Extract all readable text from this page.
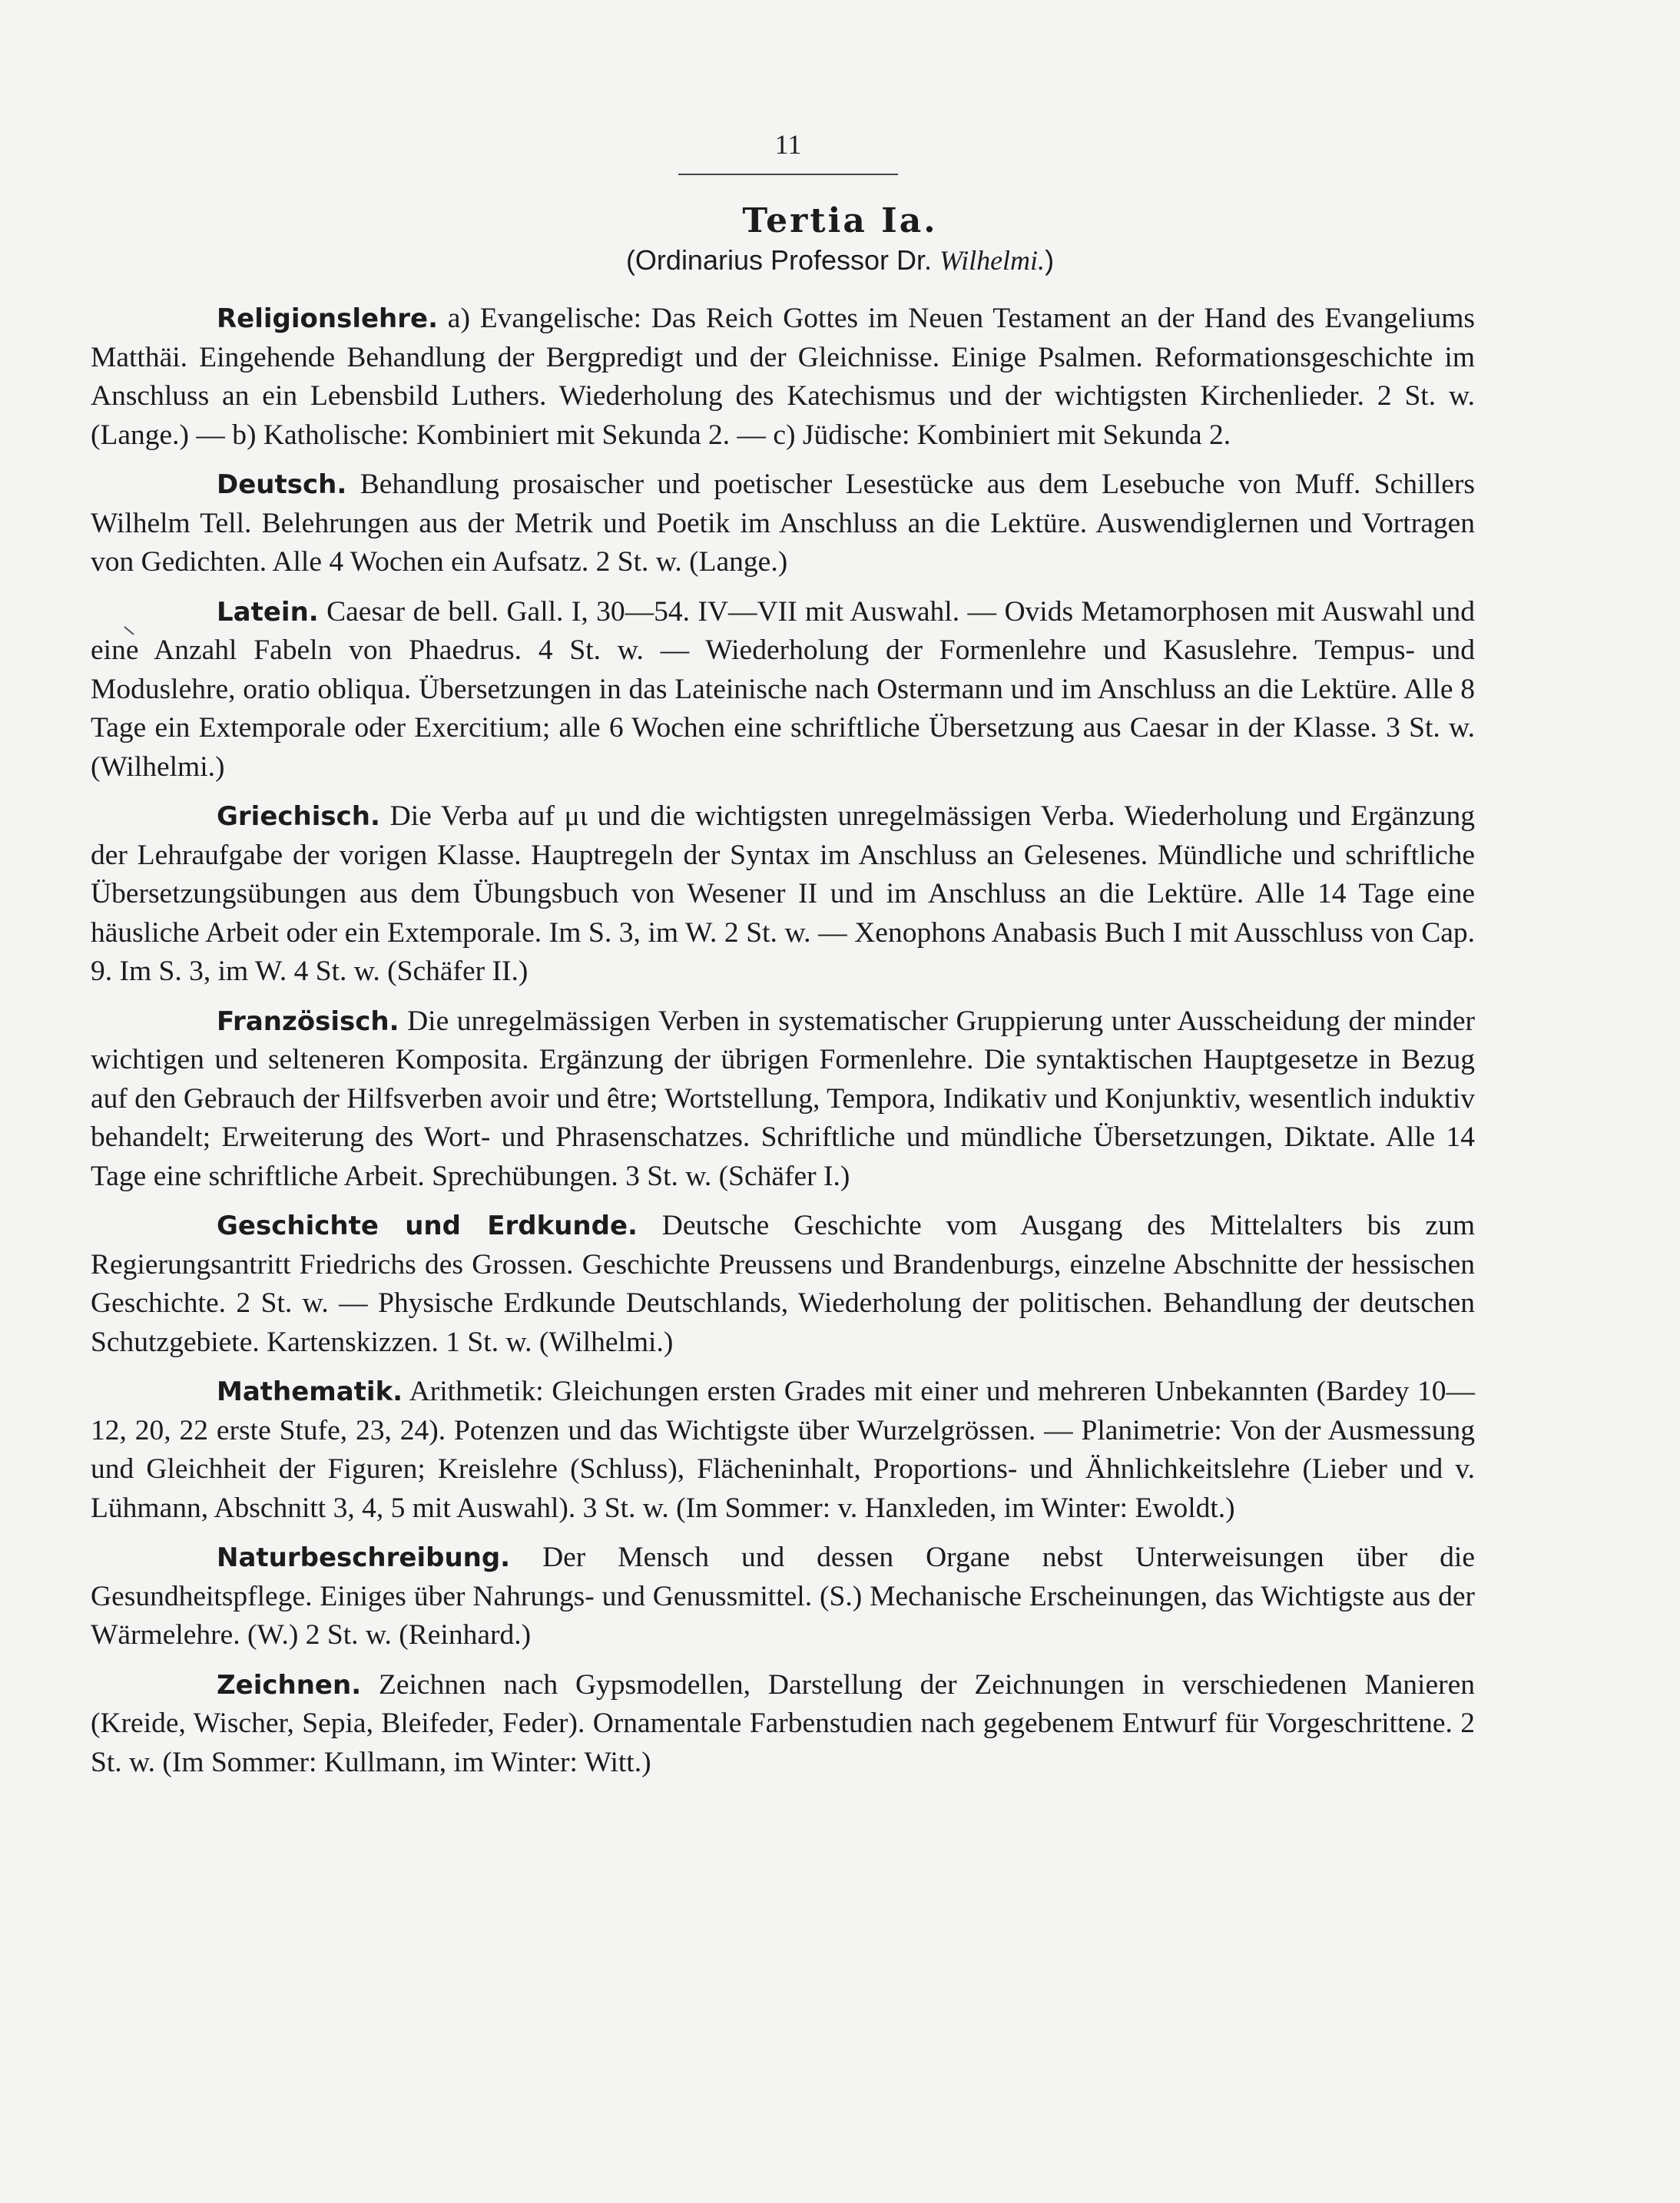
11
Tertia Ia.
(Ordinarius Professor Dr. Wilhelmi.)

Religionslehre. a) Evangelische: Das Reich Gottes im Neuen Testament an der Hand des Evangeliums Matthäi. Eingehende Behandlung der Bergpredigt und der Gleichnisse. Einige Psalmen. Reformationsgeschichte im Anschluss an ein Lebensbild Luthers. Wiederholung des Katechismus und der wichtigsten Kirchenlieder. 2 St. w. (Lange.) — b) Katholische: Kombiniert mit Sekunda 2. — c) Jüdische: Kombiniert mit Sekunda 2.

Deutsch. Behandlung prosaischer und poetischer Lesestücke aus dem Lesebuche von Muff. Schillers Wilhelm Tell. Belehrungen aus der Metrik und Poetik im Anschluss an die Lektüre. Auswendiglernen und Vortragen von Gedichten. Alle 4 Wochen ein Aufsatz. 2 St. w. (Lange.)

Latein. Caesar de bell. Gall. I, 30—54. IV—VII mit Auswahl. — Ovids Metamorphosen mit Auswahl und eine Anzahl Fabeln von Phaedrus. 4 St. w. — Wiederholung der Formenlehre und Kasuslehre. Tempus- und Moduslehre, oratio obliqua. Übersetzungen in das Lateinische nach Ostermann und im Anschluss an die Lektüre. Alle 8 Tage ein Extemporale oder Exercitium; alle 6 Wochen eine schriftliche Übersetzung aus Caesar in der Klasse. 3 St. w. (Wilhelmi.)

Griechisch. Die Verba auf μι und die wichtigsten unregelmässigen Verba. Wiederholung und Ergänzung der Lehraufgabe der vorigen Klasse. Hauptregeln der Syntax im Anschluss an Gelesenes. Mündliche und schriftliche Übersetzungsübungen aus dem Übungsbuch von Wesener II und im Anschluss an die Lektüre. Alle 14 Tage eine häusliche Arbeit oder ein Extemporale. Im S. 3, im W. 2 St. w. — Xenophons Anabasis Buch I mit Ausschluss von Cap. 9. Im S. 3, im W. 4 St. w. (Schäfer II.)

Französisch. Die unregelmässigen Verben in systematischer Gruppierung unter Ausscheidung der minder wichtigen und selteneren Komposita. Ergänzung der übrigen Formenlehre. Die syntaktischen Hauptgesetze in Bezug auf den Gebrauch der Hilfsverben avoir und être; Wortstellung, Tempora, Indikativ und Konjunktiv, wesentlich induktiv behandelt; Erweiterung des Wort- und Phrasenschatzes. Schriftliche und mündliche Übersetzungen, Diktate. Alle 14 Tage eine schriftliche Arbeit. Sprechübungen. 3 St. w. (Schäfer I.)

Geschichte und Erdkunde. Deutsche Geschichte vom Ausgang des Mittelalters bis zum Regierungsantritt Friedrichs des Grossen. Geschichte Preussens und Brandenburgs, einzelne Abschnitte der hessischen Geschichte. 2 St. w. — Physische Erdkunde Deutschlands, Wiederholung der politischen. Behandlung der deutschen Schutzgebiete. Kartenskizzen. 1 St. w. (Wilhelmi.)

Mathematik. Arithmetik: Gleichungen ersten Grades mit einer und mehreren Unbekannten (Bardey 10—12, 20, 22 erste Stufe, 23, 24). Potenzen und das Wichtigste über Wurzelgrössen. — Planimetrie: Von der Ausmessung und Gleichheit der Figuren; Kreislehre (Schluss), Flächeninhalt, Proportions- und Ähnlichkeitslehre (Lieber und v. Lühmann, Abschnitt 3, 4, 5 mit Auswahl). 3 St. w. (Im Sommer: v. Hanxleden, im Winter: Ewoldt.)

Naturbeschreibung. Der Mensch und dessen Organe nebst Unterweisungen über die Gesundheitspflege. Einiges über Nahrungs- und Genussmittel. (S.) Mechanische Erscheinungen, das Wichtigste aus der Wärmelehre. (W.) 2 St. w. (Reinhard.)

Zeichnen. Zeichnen nach Gypsmodellen, Darstellung der Zeichnungen in verschiedenen Manieren (Kreide, Wischer, Sepia, Bleifeder, Feder). Ornamentale Farbenstudien nach gegebenem Entwurf für Vorgeschrittene. 2 St. w. (Im Sommer: Kullmann, im Winter: Witt.)
